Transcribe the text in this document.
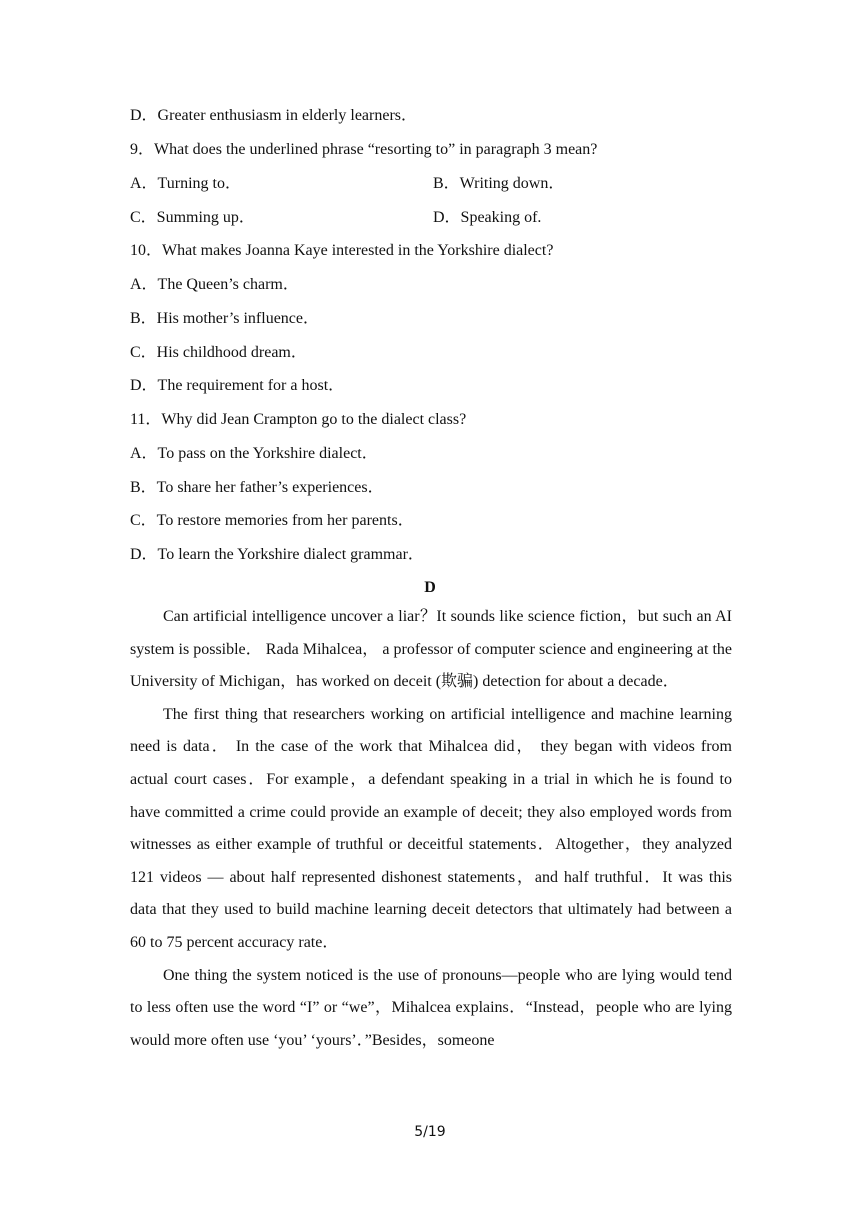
D．Greater enthusiasm in elderly learners．
9．What does the underlined phrase “resorting to” in paragraph 3 mean?
A．Turning to．	B．Writing down．
C．Summing up．	D．Speaking of.
10．What makes Joanna Kaye interested in the Yorkshire dialect?
A．The Queen’s charm．
B．His mother’s influence．
C．His childhood dream．
D．The requirement for a host．
11．Why did Jean Crampton go to the dialect class?
A．To pass on the Yorkshire dialect．
B．To share her father’s experiences．
C．To restore memories from her parents．
D．To learn the Yorkshire dialect grammar．
D

Can artificial intelligence uncover a liar？It sounds like science fiction，but such an AI system is possible． Rada Mihalcea， a professor of computer science and engineering at the University of Michigan，has worked on deceit (欺骗) detection for about a decade．

The first thing that researchers working on artificial intelligence and machine learning need is data． In the case of the work that Mihalcea did， they began with videos from actual court cases．For example，a defendant speaking in a trial in which he is found to have committed a crime could provide an example of deceit; they also employed words from witnesses as either example of truthful or deceitful statements．Altogether，they analyzed 121 videos — about half represented dishonest statements，and half truthful．It was this data that they used to build machine learning deceit detectors that ultimately had between a 60 to 75 percent accuracy rate．

One thing the system noticed is the use of pronouns—people who are lying would tend to less often use the word “I” or “we”，Mihalcea explains．“Instead，people who are lying would more often use ‘you’ ‘yours’．”Besides，someone

5/19
